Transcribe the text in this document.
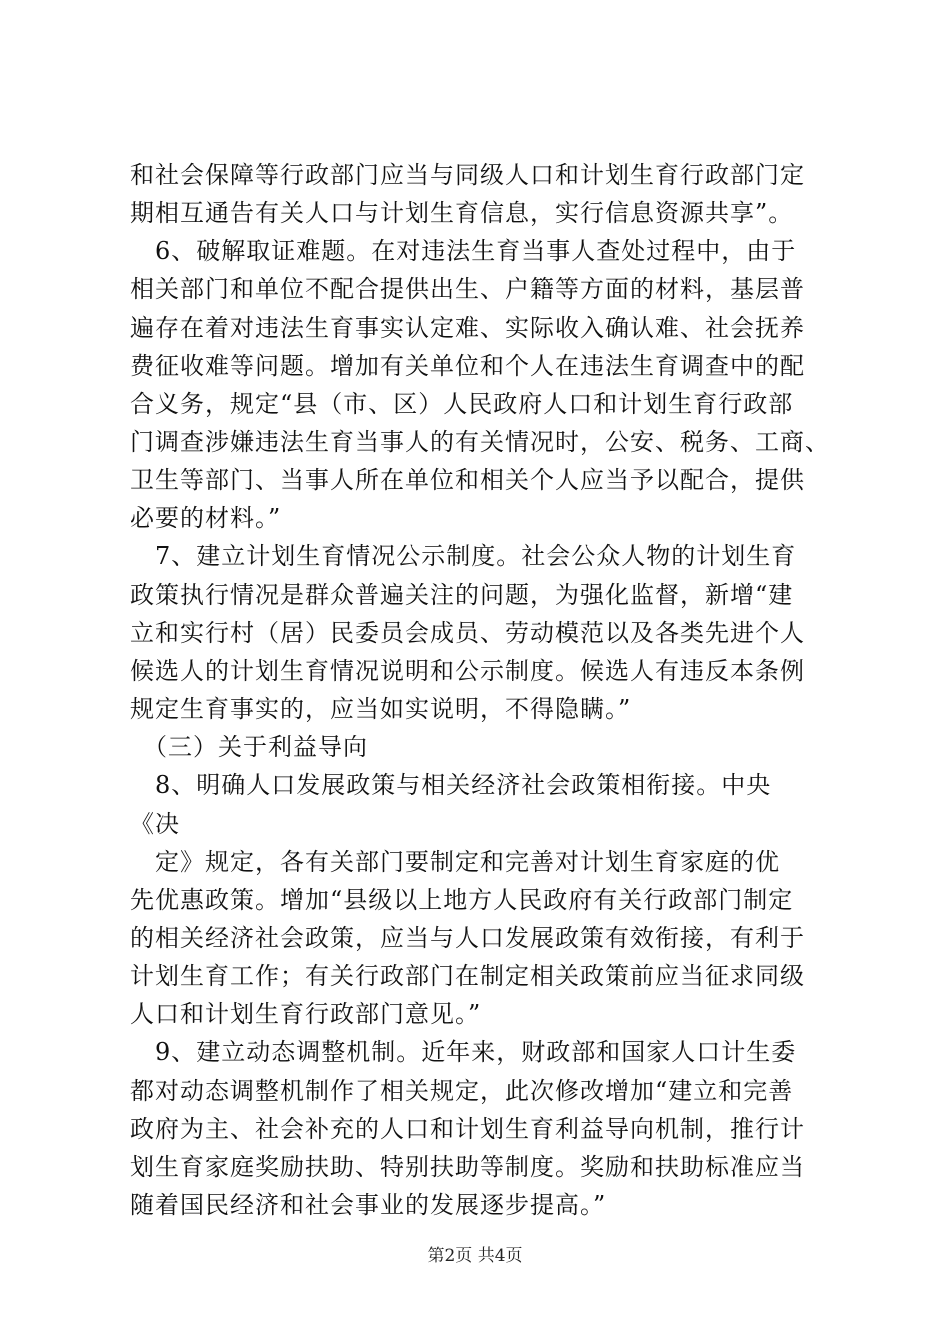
和社会保障等行政部门应当与同级人口和计划生育行政部门定
期相互通告有关人口与计划生育信息，实行信息资源共享”。
　6、破解取证难题。在对违法生育当事人查处过程中，由于
相关部门和单位不配合提供出生、户籍等方面的材料，基层普
遍存在着对违法生育事实认定难、实际收入确认难、社会抚养
费征收难等问题。增加有关单位和个人在违法生育调查中的配
合义务，规定“县（市、区）人民政府人口和计划生育行政部
门调查涉嫌违法生育当事人的有关情况时，公安、税务、工商、
卫生等部门、当事人所在单位和相关个人应当予以配合，提供
必要的材料。”
　7、建立计划生育情况公示制度。社会公众人物的计划生育
政策执行情况是群众普遍关注的问题，为强化监督，新增“建
立和实行村（居）民委员会成员、劳动模范以及各类先进个人
候选人的计划生育情况说明和公示制度。候选人有违反本条例
规定生育事实的，应当如实说明，不得隐瞒。”
　（三）关于利益导向
　8、明确人口发展政策与相关经济社会政策相衔接。中央
《决
　定》规定，各有关部门要制定和完善对计划生育家庭的优
先优惠政策。增加“县级以上地方人民政府有关行政部门制定
的相关经济社会政策，应当与人口发展政策有效衔接，有利于
计划生育工作；有关行政部门在制定相关政策前应当征求同级
人口和计划生育行政部门意见。”
　9、建立动态调整机制。近年来，财政部和国家人口计生委
都对动态调整机制作了相关规定，此次修改增加“建立和完善
政府为主、社会补充的人口和计划生育利益导向机制，推行计
划生育家庭奖励扶助、特别扶助等制度。奖励和扶助标准应当
随着国民经济和社会事业的发展逐步提高。”
第2页 共4页
